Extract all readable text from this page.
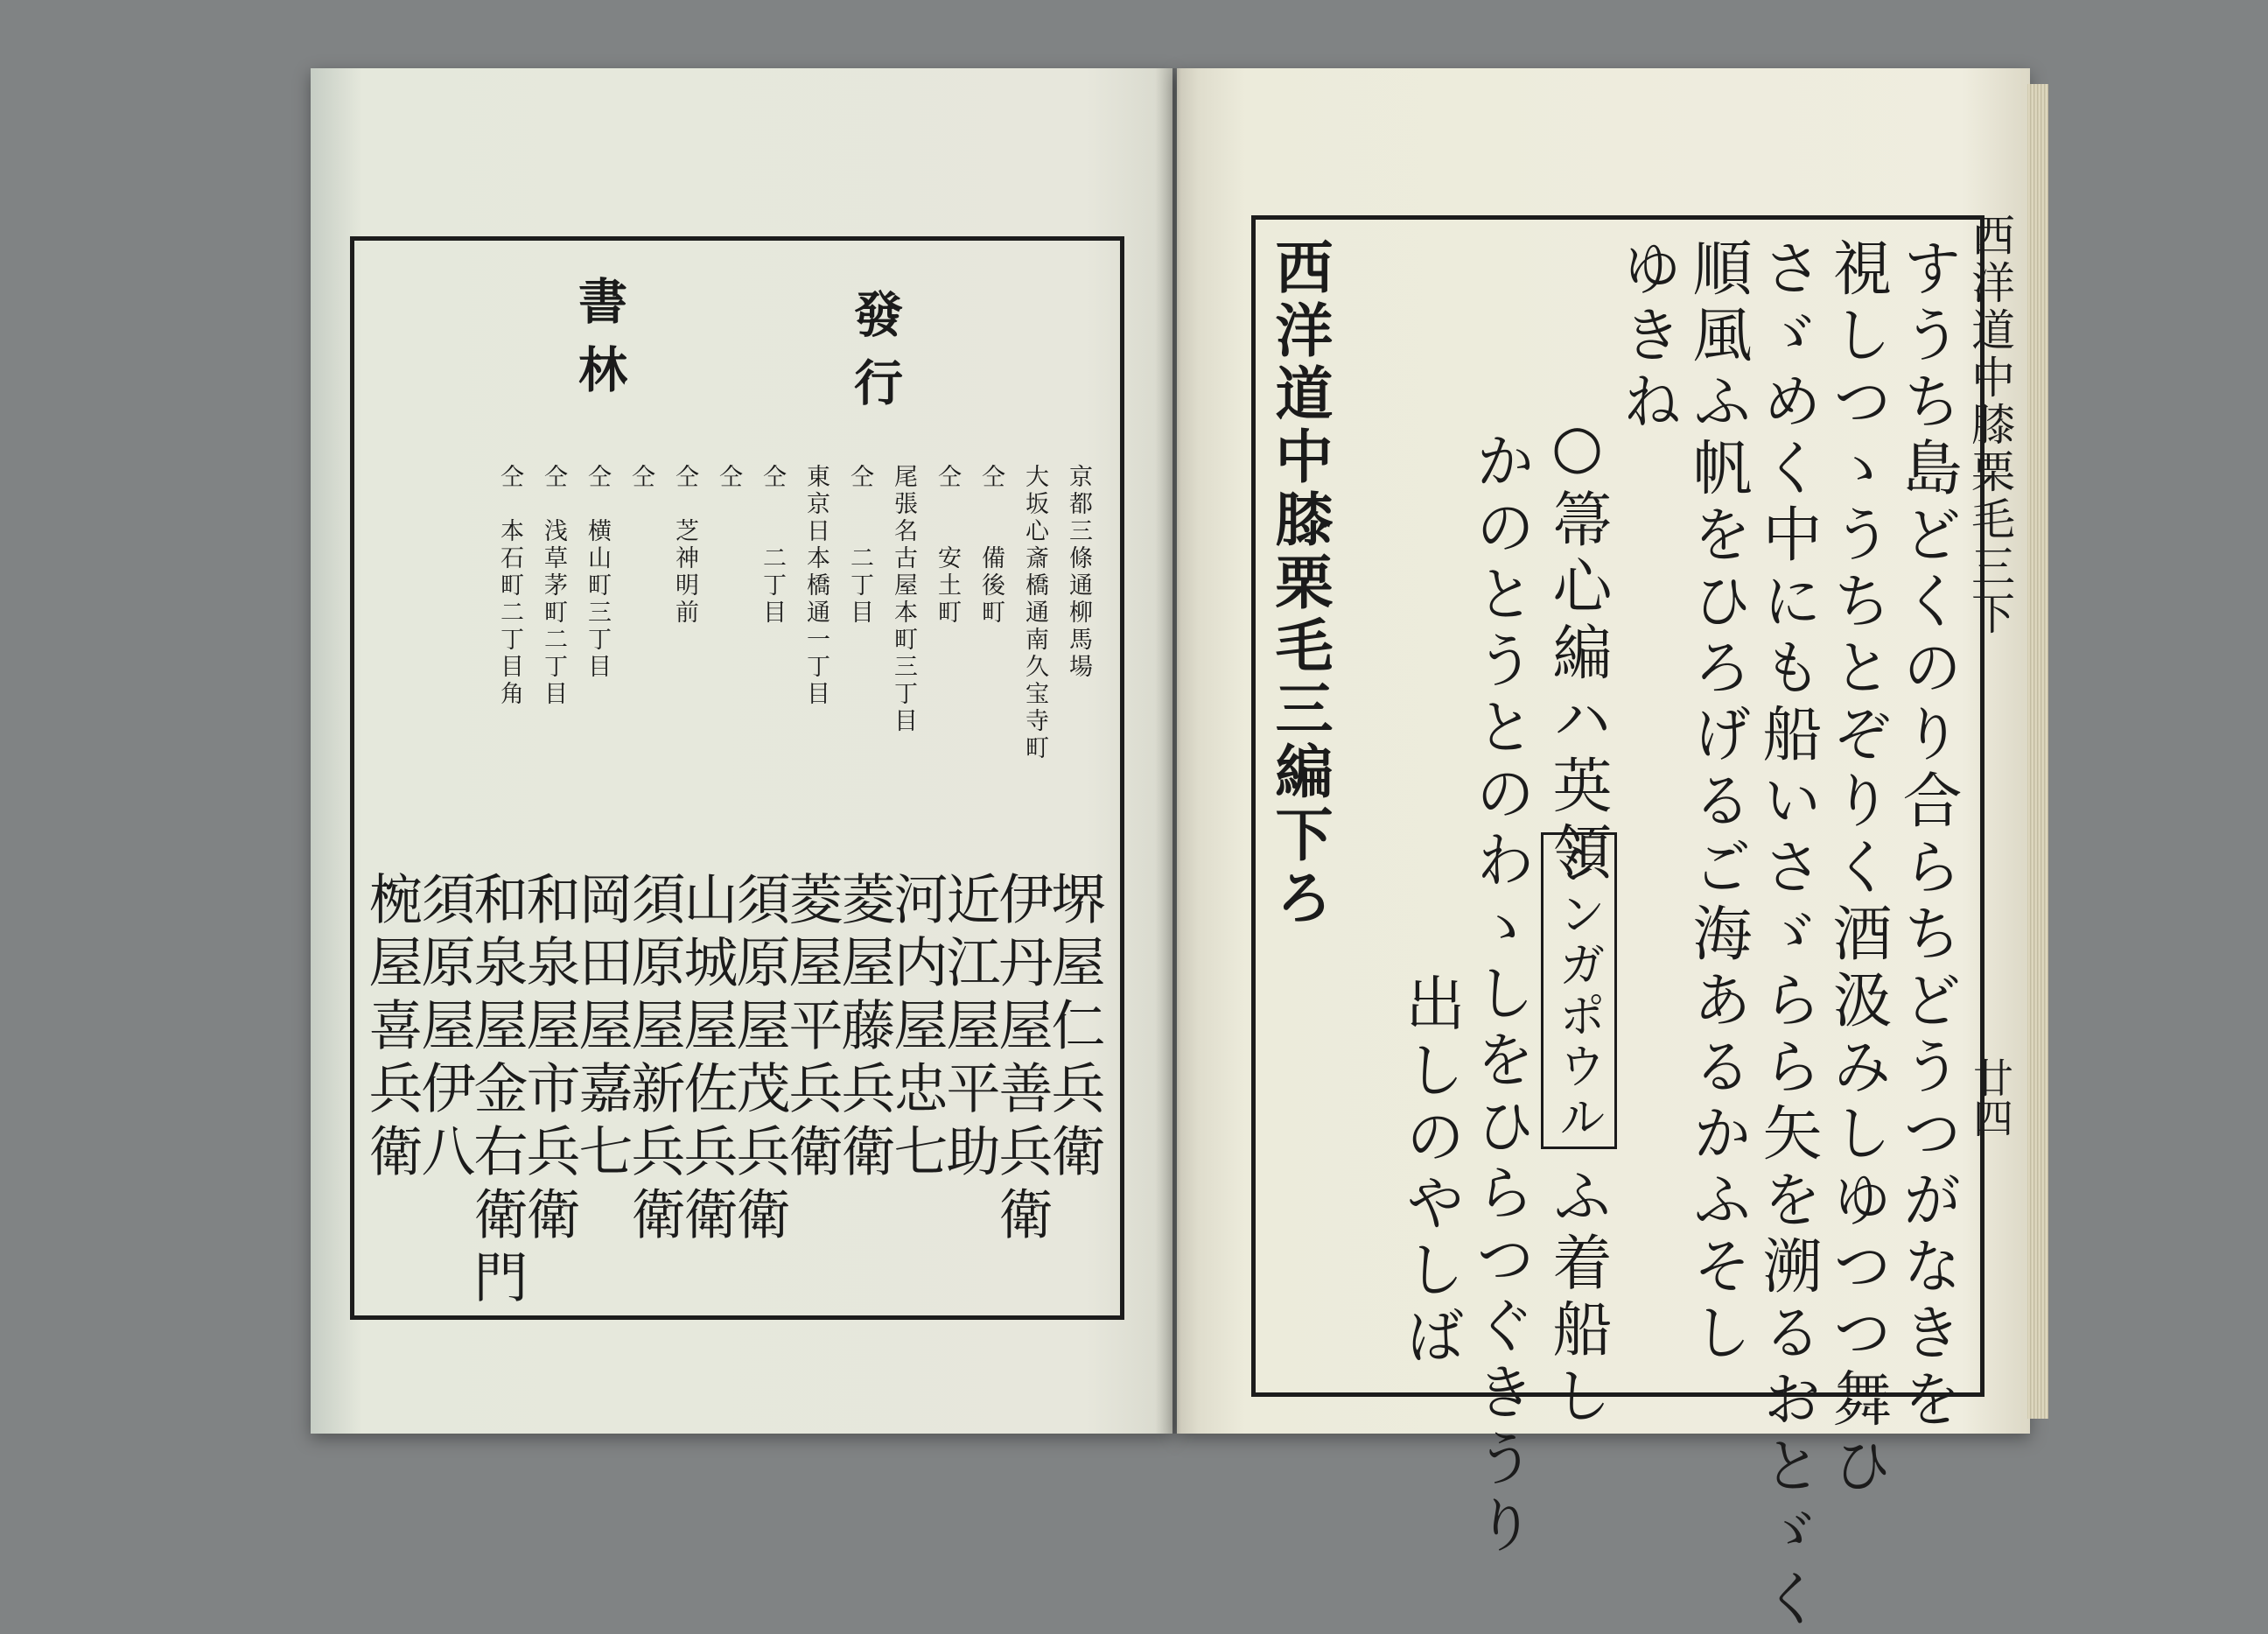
發行
書林
京都三條通柳馬場
大坂心斎橋通南久宝寺町
仝　　備後町
仝　　安土町
尾張名古屋本町三丁目
仝　　二丁目
東京日本橋通一丁目
仝　　二丁目
仝
仝　芝神明前
仝
仝　横山町三丁目
仝　浅草茅町二丁目
仝　本石町二丁目角
堺屋仁兵衛
伊丹屋善兵衛
近江屋平助
河内屋忠七
菱屋藤兵衛
菱屋平兵衛
須原屋茂兵衛
山城屋佐兵衛
須原屋新兵衛
岡田屋嘉七
和泉屋市兵衛
和泉屋金右衛門
須原屋伊八
椀屋喜兵衛
西洋道中膝栗毛三下
廿四
すうち島どくのり合らちどうつがなきを
視しつゝうちとぞりく酒汲みしゆつつ舞ひ
さゞめく中にも船いさゞらら矢を溯るおとゞく
順風ふ帆をひろげるご海あるかふそし
ゆきね
○箒心編ハ英領
シンガポウル
ふ着船し
かのとうとのわゝしをひらつぐきうり
出しのやしば
西洋道中膝栗毛三編下ろ
